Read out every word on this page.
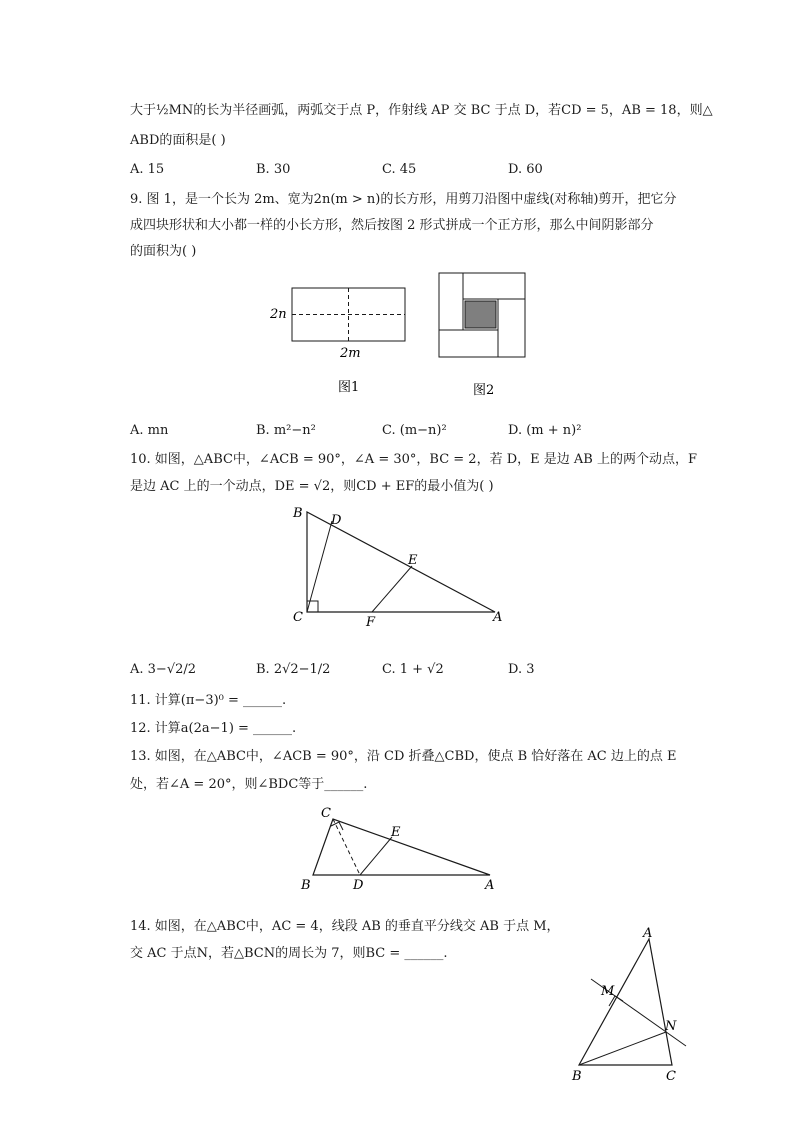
大于½MN的长为半径画弧，两弧交于点 P，作射线 AP 交 BC 于点 D，若CD = 5，AB = 18，则△
ABD的面积是( )
A. 15	B. 30	C. 45	D. 60
9. 图 1，是一个长为 2m、宽为2n(m > n)的长方形，用剪刀沿图中虚线(对称轴)剪开，把它分
成四块形状和大小都一样的小长方形，然后按图 2 形式拼成一个正方形，那么中间阴影部分
的面积为( )
2n
2m
图1	图2
A. mn	B. m²−n²	C. (m−n)²	D. (m + n)²
10. 如图，△ABC中，∠ACB = 90°，∠A = 30°，BC = 2，若 D，E 是边 AB 上的两个动点，F
是边 AC 上的一个动点，DE = √2，则CD + EF的最小值为( )
B D
E
C	F	A
A. 3−√2/2	B. 2√2−1/2	C. 1 + √2	D. 3
11. 计算(π−3)⁰ = ______.
12. 计算a(2a−1) = ______.
13. 如图，在△ABC中，∠ACB = 90°，沿 CD 折叠△CBD，使点 B 恰好落在 AC 边上的点 E
处，若∠A = 20°，则∠BDC等于______.
C
E
B	D	A
14. 如图，在△ABC中，AC = 4，线段 AB 的垂直平分线交 AB 于点 M，
交 AC 于点N，若△BCN的周长为 7，则BC = ______.
A
M
N
B	C
